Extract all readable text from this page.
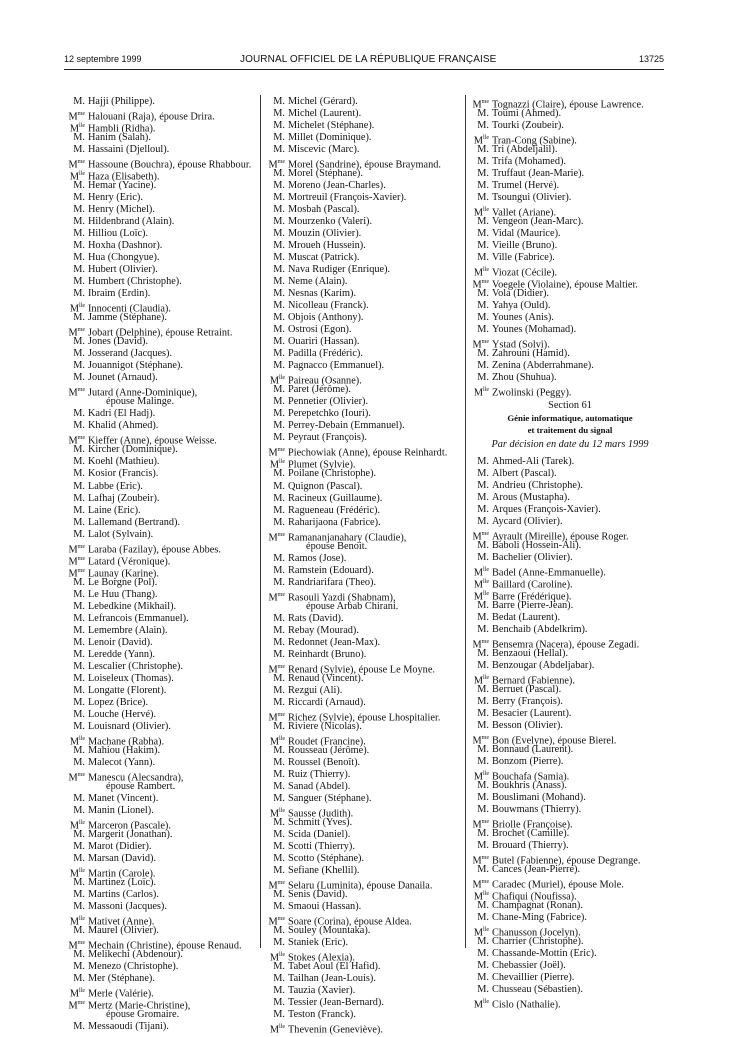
12 septembre 1999	JOURNAL OFFICIEL DE LA RÉPUBLIQUE FRANÇAISE	13725
M. Hajji (Philippe).
$M^{me}$ Halouani (Raja), épouse Drira.
$M^{lle}$ Hambli (Ridha).
M. Hanim (Salah).
M. Hassaini (Djelloul).
$M^{me}$ Hassoune (Bouchra), épouse Rhabbour.
$M^{lle}$ Haza (Elisabeth).
M. Hemar (Yacine).
M. Henry (Eric).
M. Henry (Michel).
M. Hildenbrand (Alain).
M. Hilliou (Loïc).
M. Hoxha (Dashnor).
M. Hua (Chongyue).
M. Hubert (Olivier).
M. Humbert (Christophe).
M. Ibraim (Erdin).
$M^{lle}$ Innocenti (Claudia).
M. Jamme (Stéphane).
$M^{me}$ Jobart (Delphine), épouse Retraint.
M. Jones (David).
M. Josserand (Jacques).
M. Jouannigot (Stéphane).
M. Jounet (Arnaud).
$M^{me}$ Jutard (Anne-Dominique),
épouse Malinge.
M. Kadri (El Hadj).
M. Khalid (Ahmed).
$M^{me}$ Kieffer (Anne), épouse Weisse.
M. Kircher (Dominique).
M. Koehl (Mathieu).
M. Kosior (Francis).
M. Labbe (Eric).
M. Lafhaj (Zoubeir).
M. Laine (Eric).
M. Lallemand (Bertrand).
M. Lalot (Sylvain).
$M^{me}$ Laraba (Fazilay), épouse Abbes.
$M^{me}$ Latard (Véronique).
$M^{me}$ Launay (Karine).
M. Le Borgne (Pol).
M. Le Huu (Thang).
M. Lebedkine (Mikhail).
M. Lefrancois (Emmanuel).
M. Lemembre (Alain).
M. Lenoir (David).
M. Leredde (Yann).
M. Lescalier (Christophe).
M. Loiseleux (Thomas).
M. Longatte (Florent).
M. Lopez (Brice).
M. Louche (Hervé).
M. Louisnard (Olivier).
$M^{lle}$ Machane (Rabha).
M. Mahiou (Hakim).
M. Malecot (Yann).
$M^{me}$ Manescu (Alecsandra),
épouse Rambert.
M. Manet (Vincent).
M. Manin (Lionel).
$M^{lle}$ Marceron (Pascale).
M. Margerit (Jonathan).
M. Marot (Didier).
M. Marsan (David).
$M^{lle}$ Martin (Carole).
M. Martinez (Loïc).
M. Martins (Carlos).
M. Massoni (Jacques).
$M^{lle}$ Mativet (Anne).
M. Maurel (Olivier).
$M^{me}$ Mechain (Christine), épouse Renaud.
M. Melikechi (Abdenour).
M. Menezo (Christophe).
M. Mer (Stéphane).
$M^{lle}$ Merle (Valérie).
$M^{me}$ Mertz (Marie-Christine),
épouse Gromaire.
M. Messaoudi (Tijani).
M. Michel (Gérard).
M. Michel (Laurent).
M. Michelet (Stéphane).
M. Millet (Dominique).
M. Miscevic (Marc).
$M^{me}$ Morel (Sandrine), épouse Braymand.
M. Morel (Stéphane).
M. Moreno (Jean-Charles).
M. Mortreuil (François-Xavier).
M. Mosbah (Pascal).
M. Mourzenko (Valeri).
M. Mouzin (Olivier).
M. Mroueh (Hussein).
M. Muscat (Patrick).
M. Nava Rudiger (Enrique).
M. Neme (Alain).
M. Nesnas (Karim).
M. Nicolleau (Franck).
M. Objois (Anthony).
M. Ostrosi (Egon).
M. Ouariri (Hassan).
M. Padilla (Frédéric).
M. Pagnacco (Emmanuel).
$M^{lle}$ Paireau (Osanne).
M. Paret (Jérôme).
M. Pennetier (Olivier).
M. Perepetchko (Iouri).
M. Perrey-Debain (Emmanuel).
M. Peyraut (François).
$M^{me}$ Piechowiak (Anne), épouse Reinhardt.
$M^{lle}$ Plumet (Sylvie).
M. Poilane (Christophe).
M. Quignon (Pascal).
M. Racineux (Guillaume).
M. Ragueneau (Frédéric).
M. Raharijaona (Fabrice).
$M^{me}$ Ramananjanahary (Claudie),
épouse Benoit.
M. Ramos (Jose).
M. Ramstein (Edouard).
M. Randriarifara (Theo).
$M^{me}$ Rasouli Yazdi (Shabnam),
épouse Arbab Chirani.
M. Rats (David).
M. Rebay (Mourad).
M. Redonnet (Jean-Max).
M. Reinhardt (Bruno).
$M^{me}$ Renard (Sylvie), épouse Le Moyne.
M. Renaud (Vincent).
M. Rezgui (Ali).
M. Riccardi (Arnaud).
$M^{me}$ Richez (Sylvie), épouse Lhospitalier.
M. Riviere (Nicolas).
$M^{lle}$ Roudet (Francine).
M. Rousseau (Jérôme).
M. Roussel (Benoît).
M. Ruiz (Thierry).
M. Sanad (Abdel).
M. Sanguer (Stéphane).
$M^{lle}$ Sausse (Judith).
M. Schmitt (Yves).
M. Scida (Daniel).
M. Scotti (Thierry).
M. Scotto (Stéphane).
M. Sefiane (Khellil).
$M^{me}$ Selaru (Luminita), épouse Danaila.
M. Senis (David).
M. Smaoui (Hassan).
$M^{me}$ Soare (Corina), épouse Aldea.
M. Souley (Mountaka).
M. Staniek (Eric).
$M^{lle}$ Stokes (Alexia).
M. Tabet Aoul (El Hafid).
M. Tailhan (Jean-Louis).
M. Tauzia (Xavier).
M. Tessier (Jean-Bernard).
M. Teston (Franck).
$M^{lle}$ Thevenin (Geneviève).
$M^{me}$ Tognazzi (Claire), épouse Lawrence.
M. Toumi (Ahmed).
M. Tourki (Zoubeir).
$M^{lle}$ Tran-Cong (Sabine).
M. Tri (Abdeljalil).
M. Trifa (Mohamed).
M. Truffaut (Jean-Marie).
M. Trumel (Hervé).
M. Tsoungui (Olivier).
$M^{lle}$ Vallet (Ariane).
M. Vengeon (Jean-Marc).
M. Vidal (Maurice).
M. Vieille (Bruno).
M. Ville (Fabrice).
$M^{lle}$ Viozat (Cécile).
$M^{me}$ Voegele (Violaine), épouse Maltier.
M. Vola (Didier).
M. Yahya (Ould).
M. Younes (Anis).
M. Younes (Mohamad).
$M^{me}$ Ystad (Solvi).
M. Zahrouni (Hamid).
M. Zenina (Abderrahmane).
M. Zhou (Shuhua).
$M^{lle}$ Zwolinski (Peggy).
Section 61
Génie informatique, automatique
et traitement du signal
Par décision en date du 12 mars 1999
M. Ahmed-Ali (Tarek).
M. Albert (Pascal).
M. Andrieu (Christophe).
M. Arous (Mustapha).
M. Arques (François-Xavier).
M. Aycard (Olivier).
$M^{me}$ Ayrault (Mireille), épouse Roger.
M. Baboli (Hossein-Ali).
M. Bachelier (Olivier).
$M^{lle}$ Badel (Anne-Emmanuelle).
$M^{lle}$ Baillard (Caroline).
$M^{lle}$ Barre (Frédérique).
M. Barre (Pierre-Jean).
M. Bedat (Laurent).
M. Benchaib (Abdelkrim).
$M^{me}$ Bensemra (Nacera), épouse Zegadi.
M. Benzaoui (Hellal).
M. Benzougar (Abdeljabar).
$M^{lle}$ Bernard (Fabienne).
M. Berruet (Pascal).
M. Berry (François).
M. Besacier (Laurent).
M. Besson (Olivier).
$M^{me}$ Bon (Evelyne), épouse Bierel.
M. Bonnaud (Laurent).
M. Bonzom (Pierre).
$M^{lle}$ Bouchafa (Samia).
M. Boukhris (Anass).
M. Bouslimani (Mohand).
M. Bouwmans (Thierry).
$M^{me}$ Briolle (Françoise).
M. Brochet (Camille).
M. Brouard (Thierry).
$M^{me}$ Butel (Fabienne), épouse Degrange.
M. Cances (Jean-Pierre).
$M^{me}$ Caradec (Muriel), épouse Mole.
$M^{lle}$ Chafiqui (Noufissa).
M. Champagnat (Ronan).
M. Chane-Ming (Fabrice).
$M^{lle}$ Chanusson (Jocelyn).
M. Charrier (Christophe).
M. Chassande-Mottin (Eric).
M. Chebassier (Joël).
M. Chevaillier (Pierre).
M. Chusseau (Sébastien).
$M^{lle}$ Cislo (Nathalie).
